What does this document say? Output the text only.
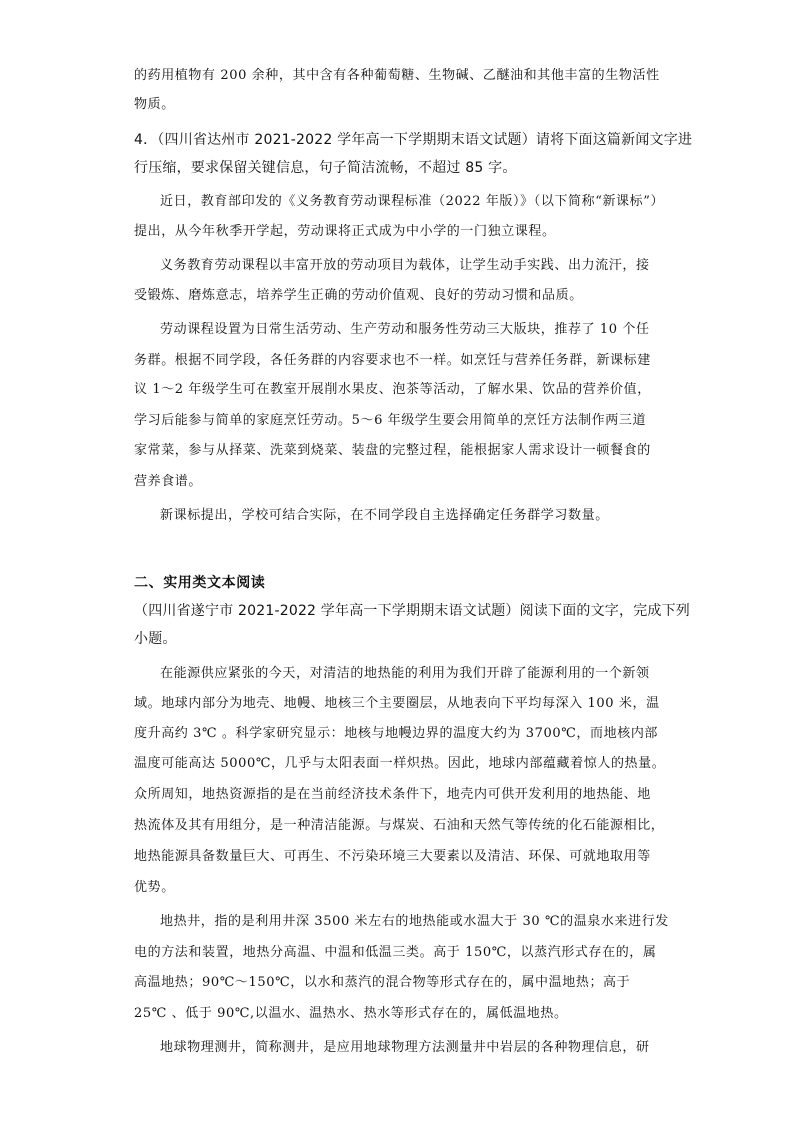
的药用植物有 200 余种，其中含有各种葡萄糖、生物碱、乙醚油和其他丰富的生物活性
物质。
4．（四川省达州市 2021-2022 学年高一下学期期末语文试题）请将下面这篇新闻文字进
行压缩，要求保留关键信息，句子简洁流畅，不超过 85 字。
近日，教育部印发的《义务教育劳动课程标准（2022 年版）》（以下简称“新课标”）
提出，从今年秋季开学起，劳动课将正式成为中小学的一门独立课程。
义务教育劳动课程以丰富开放的劳动项目为载体，让学生动手实践、出力流汗，接
受锻炼、磨炼意志，培养学生正确的劳动价值观、良好的劳动习惯和品质。
劳动课程设置为日常生活劳动、生产劳动和服务性劳动三大版块，推荐了 10 个任
务群。根据不同学段，各任务群的内容要求也不一样。如烹饪与营养任务群，新课标建
议 1～2 年级学生可在教室开展削水果皮、泡茶等活动，了解水果、饮品的营养价值，
学习后能参与简单的家庭烹饪劳动。5～6 年级学生要会用简单的烹饪方法制作两三道
家常菜，参与从择菜、洗菜到烧菜、装盘的完整过程，能根据家人需求设计一顿餐食的
营养食谱。
新课标提出，学校可结合实际，在不同学段自主选择确定任务群学习数量。
二、实用类文本阅读
（四川省遂宁市 2021-2022 学年高一下学期期末语文试题）阅读下面的文字，完成下列
小题。
在能源供应紧张的今天，对清洁的地热能的利用为我们开辟了能源利用的一个新领
域。地球内部分为地壳、地幔、地核三个主要圈层，从地表向下平均每深入 100 米，温
度升高约 3℃ 。科学家研究显示：地核与地幔边界的温度大约为 3700℃，而地核内部
温度可能高达 5000℃，几乎与太阳表面一样炽热。因此，地球内部蕴藏着惊人的热量。
众所周知，地热资源指的是在当前经济技术条件下，地壳内可供开发利用的地热能、地
热流体及其有用组分，是一种清洁能源。与煤炭、石油和天然气等传统的化石能源相比，
地热能源具备数量巨大、可再生、不污染环境三大要素以及清洁、环保、可就地取用等
优势。
地热井，指的是利用井深 3500 米左右的地热能或水温大于 30 ℃的温泉水来进行发
电的方法和装置，地热分高温、中温和低温三类。高于 150℃，以蒸汽形式存在的，属
高温地热；90℃～150℃，以水和蒸汽的混合物等形式存在的，属中温地热；高于
25℃ 、低于 90℃,以温水、温热水、热水等形式存在的，属低温地热。
地球物理测井，简称测井，是应用地球物理方法测量井中岩层的各种物理信息，研
